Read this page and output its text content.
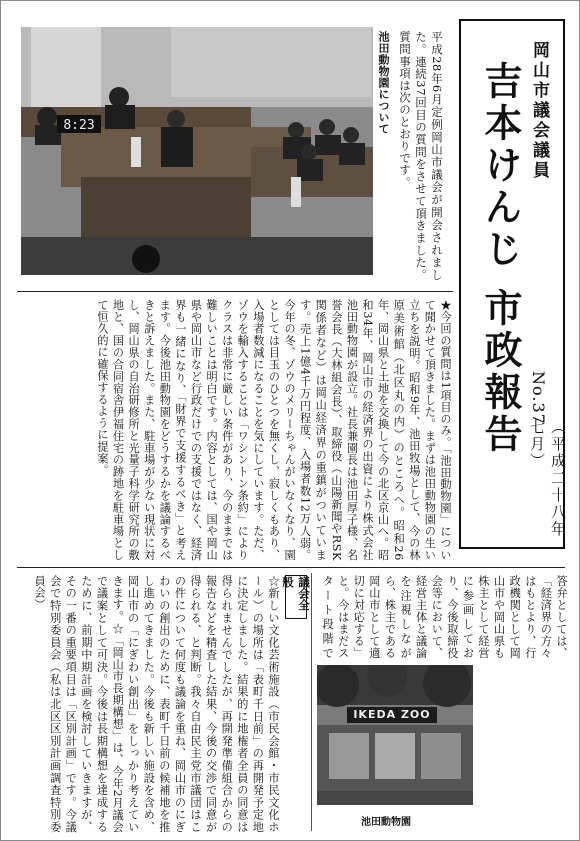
8:23	平成28年6月定例岡山市議会が開会されました。連続37回目の質問をさせて頂きました。質問事項は次のとおりです。
池田動物園について	岡山市議会議員
吉本けんじ 市政報告 No.37
（平成二十八年七月）
★今回の質問は1項目のみ。「池田動物園」について聞かせて頂きました。まずは池田動物園の生い立ちを説明。昭和9年、池田牧場として、今の林原美術館（北区丸の内）のところへ。昭和26年、岡山県と土地を交換して今の北区京山へ。昭和34年、岡山市の経済界の出資により株式会社池田動物園が設立。社長兼園長は池田厚子様、名誉会長（大林組会長）、取締役（山陽新聞やRSK関係者など）は岡山経済界の重鎮がついています。売上1億4千万円程度、入場者数12万人弱。今年の冬、ゾウのメリーちゃんがいなくなり、園としては目玉のひとつを無くし、寂しくもあり、入場者数減になることを気にしています。ただ、ゾウを輸入することは「ワシントン条約」によりクラスは非常に厳しい条件があり、今のままでは難しいことは明白です。内容としては、国や岡山県や岡山市など行政だけでの支援ではなく、経済界も一緒になり、「財界で支援するべき」と考えます。今後池田動物園をどうするかを議論するべきと訴えました。また、駐車場が少ない現状に対し、岡山県の自治研修所と光量子科学研究所の敷地と、国の合同宿舎伊福住宅の跡地を駐車場として恒久的に確保するように提案。
答弁としては、「経済界の方々はもとより、行政機関として岡山市や岡山県も株主として経営に参画しており、今後取締役会等において、経営主体と議論を注視しながら、株主である岡山市として適切に対応する」と。今はまだスタート段階で
IKEDA ZOO
池田動物園
議会全般
☆新しい文化芸術施設（市民会館・市民文化ホール）の場所は「表町千日前」の再開発予定地に決定しました。結果的に地権者全員の同意は得られませんでしたが、再開発準備組合からの報告などを精査した結果、今後の交渉で同意が得られる、と判断。我々自由民主党市議団はこの件について何度も議論を重ね、岡山市のにぎわいの創出のために、表町千日前の候補地を推し進めてきました。今後も新しい施設を含め、岡山市の「にぎわい創出」をしっかり考えていきます。☆「岡山市長期構想」は、今年2月議会で議案として可決。今後は長期構想を達成するために、前期中期計画を検討していきますが、その一番の重要項目は「区別計画」です。今議会で特別委員会（私は北区区別計画調査特別委員会）
